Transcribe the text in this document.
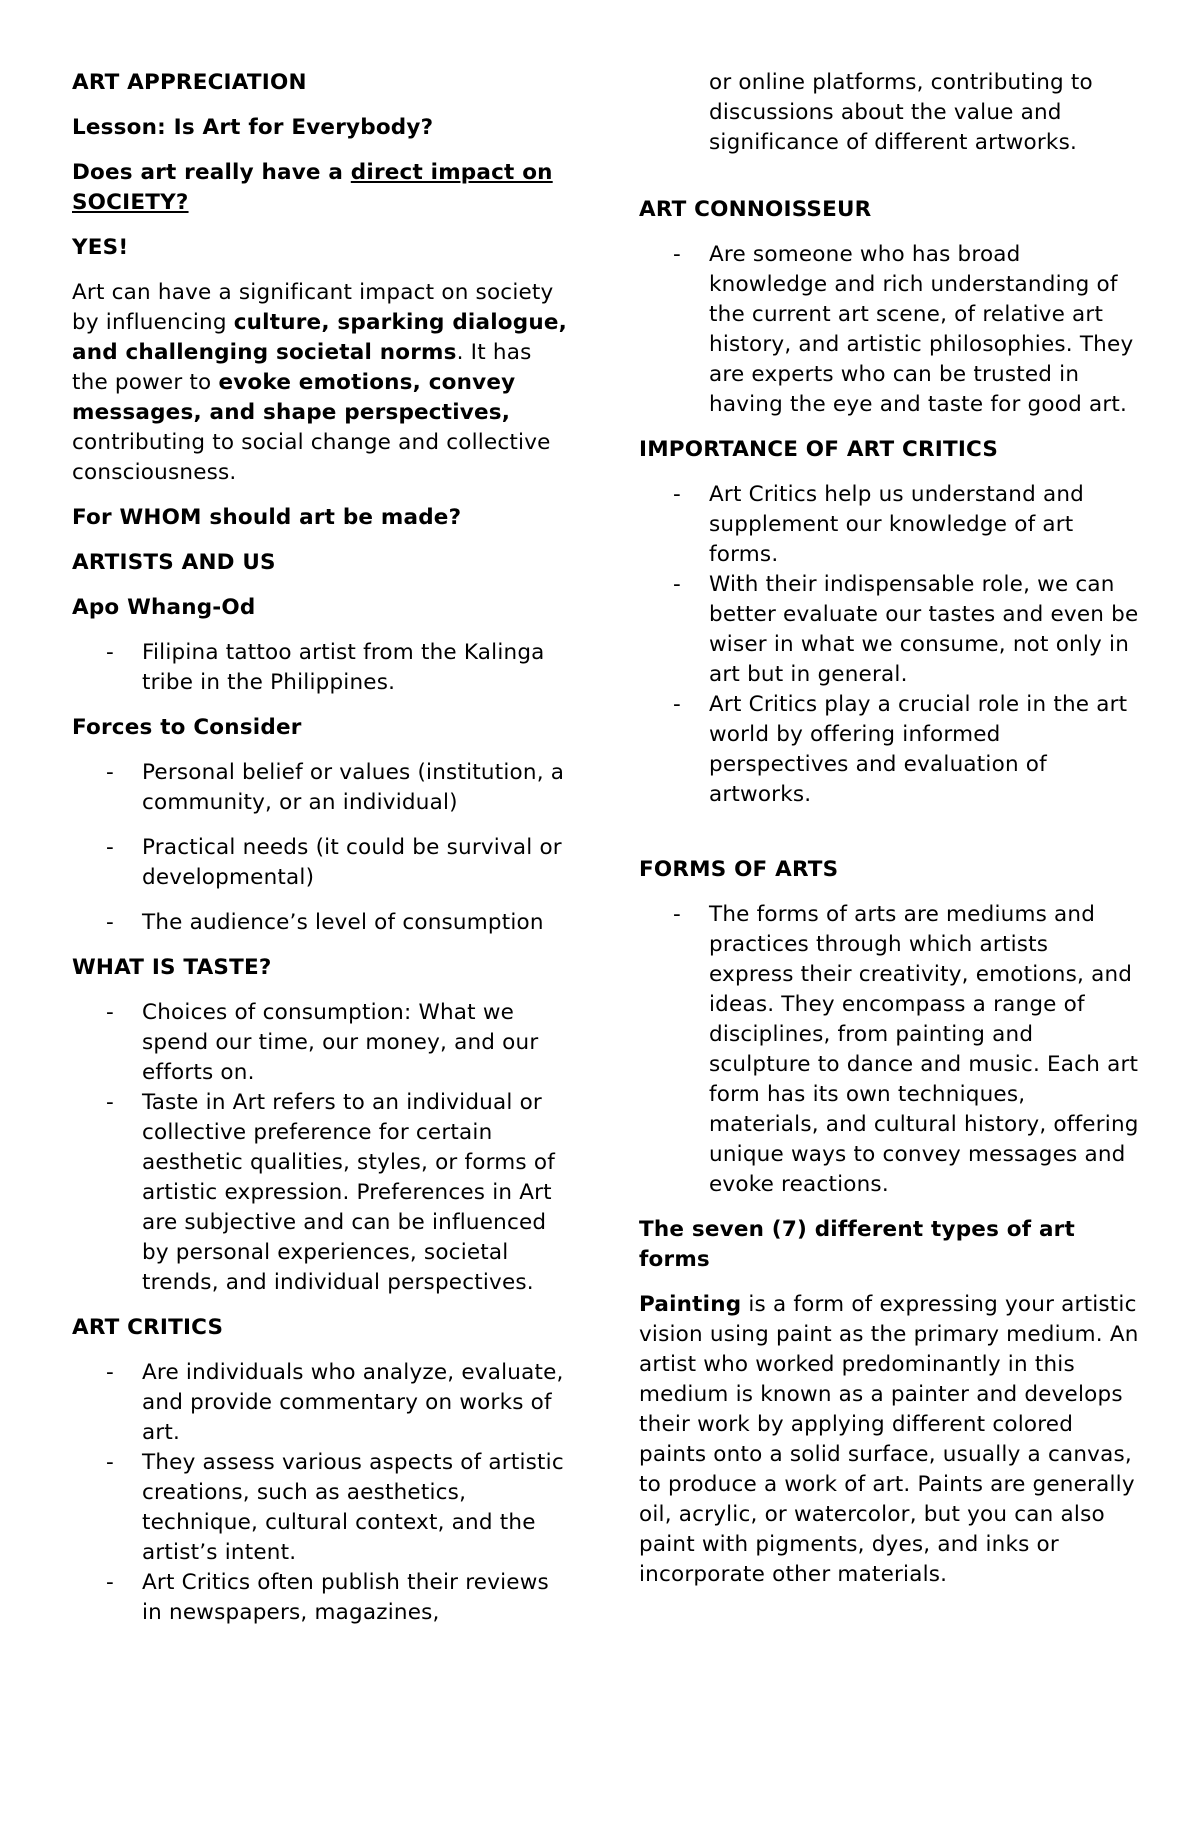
ART APPRECIATION
Lesson: Is Art for Everybody?
Does art really have a direct impact on SOCIETY?
YES!
Art can have a significant impact on society by influencing culture, sparking dialogue, and challenging societal norms. It has the power to evoke emotions, convey messages, and shape perspectives, contributing to social change and collective consciousness.
For WHOM should art be made?
ARTISTS AND US
Apo Whang-Od
- Filipina tattoo artist from the Kalinga tribe in the Philippines.
Forces to Consider
- Personal belief or values (institution, a community, or an individual)
- Practical needs (it could be survival or developmental)
- The audience’s level of consumption
WHAT IS TASTE?
- Choices of consumption: What we spend our time, our money, and our efforts on.
- Taste in Art refers to an individual or collective preference for certain aesthetic qualities, styles, or forms of artistic expression. Preferences in Art are subjective and can be influenced by personal experiences, societal trends, and individual perspectives.
ART CRITICS
- Are individuals who analyze, evaluate, and provide commentary on works of art.
- They assess various aspects of artistic creations, such as aesthetics, technique, cultural context, and the artist’s intent.
- Art Critics often publish their reviews in newspapers, magazines,
or online platforms, contributing to discussions about the value and significance of different artworks.
ART CONNOISSEUR
- Are someone who has broad knowledge and rich understanding of the current art scene, of relative art history, and artistic philosophies. They are experts who can be trusted in having the eye and taste for good art.
IMPORTANCE OF ART CRITICS
- Art Critics help us understand and supplement our knowledge of art forms.
- With their indispensable role, we can better evaluate our tastes and even be wiser in what we consume, not only in art but in general.
- Art Critics play a crucial role in the art world by offering informed perspectives and evaluation of artworks.
FORMS OF ARTS
- The forms of arts are mediums and practices through which artists express their creativity, emotions, and ideas. They encompass a range of disciplines, from painting and sculpture to dance and music. Each art form has its own techniques, materials, and cultural history, offering unique ways to convey messages and evoke reactions.
The seven (7) different types of art forms
Painting is a form of expressing your artistic vision using paint as the primary medium. An artist who worked predominantly in this medium is known as a painter and develops their work by applying different colored paints onto a solid surface, usually a canvas, to produce a work of art. Paints are generally oil, acrylic, or watercolor, but you can also paint with pigments, dyes, and inks or incorporate other materials.
